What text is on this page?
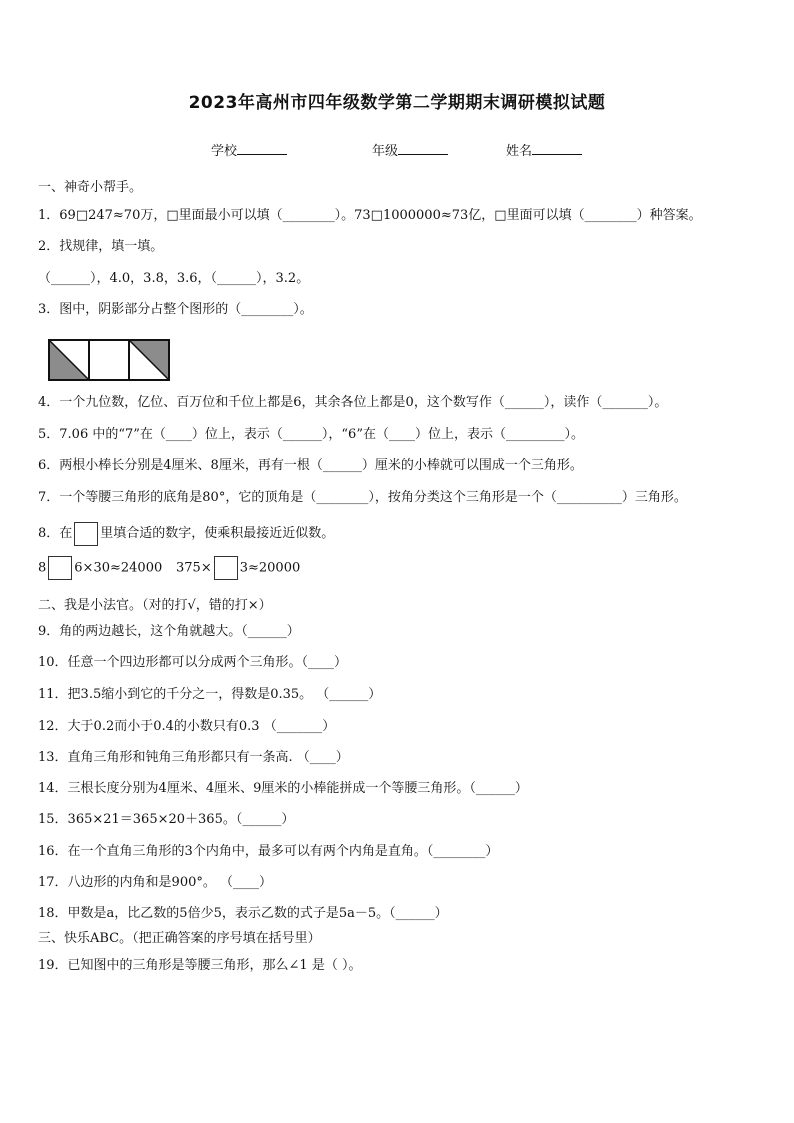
2023年高州市四年级数学第二学期期末调研模拟试题
学校	年级	姓名
一、神奇小帮手。
1．69□247≈70万，□里面最小可以填（________）。73□1000000≈73亿，□里面可以填（________）种答案。
2．找规律，填一填。
（______），4.0，3.8，3.6，（______），3.2。
3．图中，阴影部分占整个图形的（________）。
4．一个九位数，亿位、百万位和千位上都是6，其余各位上都是0，这个数写作（______），读作（_______）。
5．7.06 中的“7”在（____）位上，表示（______），“6”在（____）位上，表示（_________）。
6．两根小棒长分别是4厘米、8厘米，再有一根（______）厘米的小棒就可以围成一个三角形。
7．一个等腰三角形的底角是80°，它的顶角是（________），按角分类这个三角形是一个（__________）三角形。
8．在 里填合适的数字，使乘积最接近近似数。
8 6×30≈24000 375× 3≈20000
二、我是小法官。（对的打√，错的打×）
9．角的两边越长，这个角就越大。（______）
10．任意一个四边形都可以分成两个三角形。（____）
11．把3.5缩小到它的千分之一，得数是0.35。 （______）
12．大于0.2而小于0.4的小数只有0.3 （_______）
13．直角三角形和钝角三角形都只有一条高. （____）
14．三根长度分别为4厘米、4厘米、9厘米的小棒能拼成一个等腰三角形。（______）
15．365×21＝365×20＋365。（______）
16．在一个直角三角形的3个内角中，最多可以有两个内角是直角。（________）
17．八边形的内角和是900°。 （____）
18．甲数是a，比乙数的5倍少5，表示乙数的式子是5a－5。（______）
三、快乐ABC。（把正确答案的序号填在括号里）
19．已知图中的三角形是等腰三角形，那么∠1 是（ ）。
